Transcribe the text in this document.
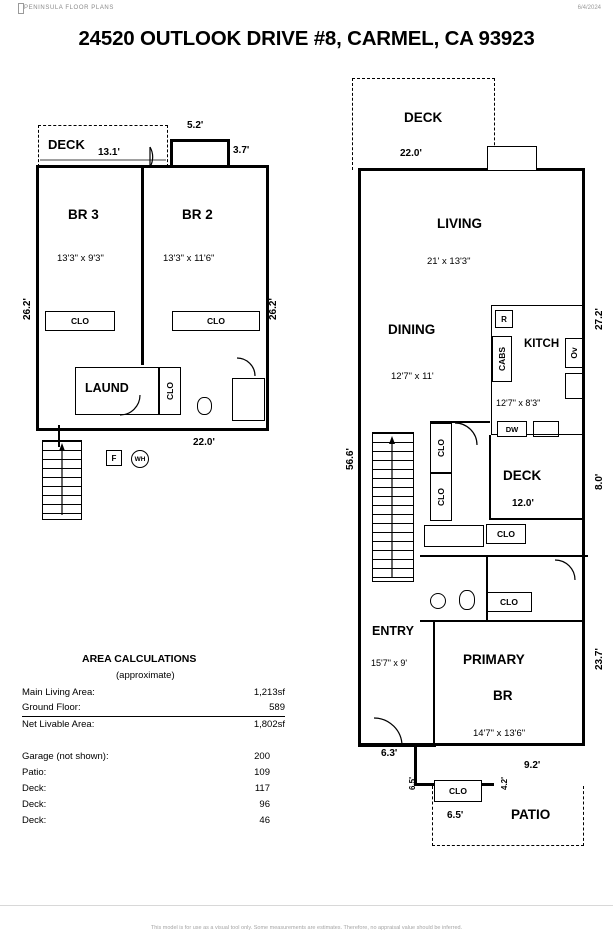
PENINSULA FLOOR PLANS	6/4/2024
24520 OUTLOOK DRIVE #8, CARMEL, CA 93923
DECK
13.1'
5.2'
3.7'
BR 3
13'3" x 9'3"
BR 2
13'3" x 11'6"
CLO	CLO
LAUND	CLO
22.0'
26.2'	26.2'
F	WH
DECK
22.0'
LIVING
21' x 13'3"
DINING
12'7" x 11'
KITCH
12'7" x 8'3"
R
CABS	Ov
DW
DECK
12.0'
CLO
CLO
CLO
CLO
ENTRY
15'7" x 9'	PRIMARY
BR
14'7" x 13'6"
CLO
PATIO
56.6'
27.2'
8.0'
23.7'
6.3'
6.5'
6.5'
4.2'
9.2'
AREA CALCULATIONS
(approximate)
Main Living Area:	1,213sf
Ground Floor:	589
Net Livable Area:	1,802sf
Garage (not shown):	200
Patio:	109
Deck:	117
Deck:	96
Deck:	46
This model is for use as a visual tool only. Some measurements are estimates. Therefore, no appraisal value should be inferred.
